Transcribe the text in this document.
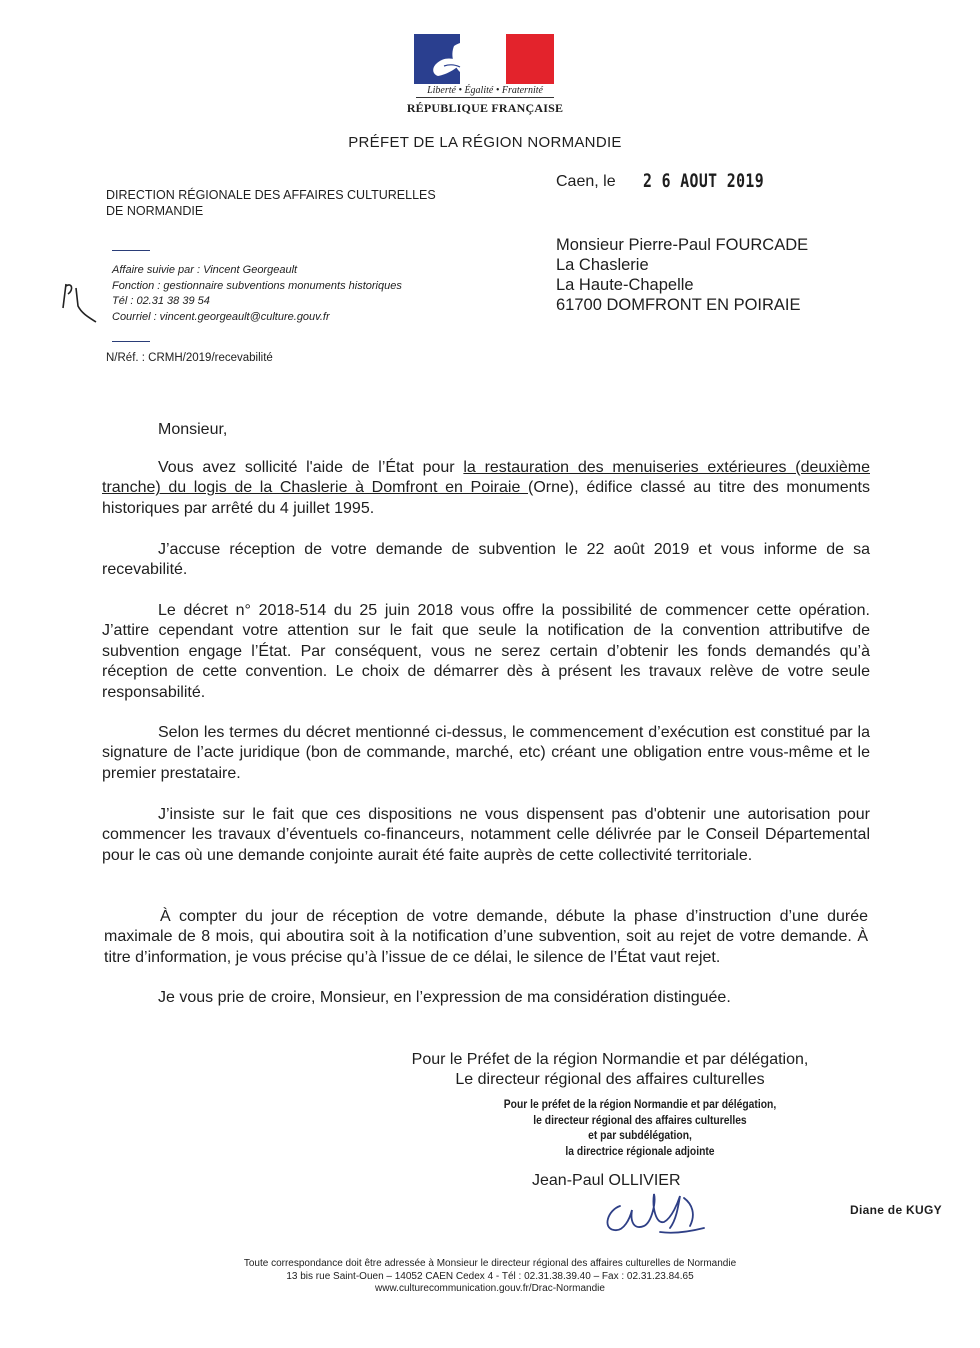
Liberté • Égalité • Fraternité
RÉPUBLIQUE FRANÇAISE
PRÉFET DE LA RÉGION NORMANDIE
DIRECTION RÉGIONALE DES AFFAIRES CULTURELLES
DE NORMANDIE
Affaire suivie par : Vincent Georgeault
Fonction : gestionnaire subventions monuments historiques
Tél : 02.31 38 39 54
Courriel : vincent.georgeault@culture.gouv.fr
N/Réf. : CRMH/2019/recevabilité
Caen, le 2 6 AOUT 2019
Monsieur Pierre-Paul FOURCADE
La Chaslerie
La Haute-Chapelle
61700 DOMFRONT EN POIRAIE
Monsieur,
Vous avez sollicité l'aide de l’État pour la restauration des menuiseries extérieures (deuxième tranche) du logis de la Chaslerie à Domfront en Poiraie (Orne), édifice classé au titre des monuments historiques par arrêté du 4 juillet 1995.
J’accuse réception de votre demande de subvention le 22 août 2019 et vous informe de sa recevabilité.
Le décret n° 2018-514 du 25 juin 2018 vous offre la possibilité de commencer cette opération. J’attire cependant votre attention sur le fait que seule la notification de la convention attributifve de subvention engage l’État. Par conséquent, vous ne serez certain d’obtenir les fonds demandés qu’à réception de cette convention. Le choix de démarrer dès à présent les travaux relève de votre seule responsabilité.
Selon les termes du décret mentionné ci-dessus, le commencement d’exécution est constitué par la signature de l’acte juridique (bon de commande, marché, etc) créant une obligation entre vous-même et le premier prestataire.
J’insiste sur le fait que ces dispositions ne vous dispensent pas d'obtenir une autorisation pour commencer les travaux d’éventuels co-financeurs, notamment celle délivrée par le Conseil Départemental pour le cas où une demande conjointe aurait été faite auprès de cette collectivité territoriale.
À compter du jour de réception de votre demande, débute la phase d’instruction d’une durée maximale de 8 mois, qui aboutira soit à la notification d’une subvention, soit au rejet de votre demande. À titre d’information, je vous précise qu’à l’issue de ce délai, le silence de l’État vaut rejet.
Je vous prie de croire, Monsieur, en l’expression de ma considération distinguée.
Pour le Préfet de la région Normandie et par délégation,
Le directeur régional des affaires culturelles
Pour le préfet de la région Normandie et par délégation,
le directeur régional des affaires culturelles
et par subdélégation,
la directrice régionale adjointe
Jean-Paul OLLIVIER
Diane de KUGY
Toute correspondance doit être adressée à Monsieur le directeur régional des affaires culturelles de Normandie
13 bis rue Saint-Ouen – 14052 CAEN Cedex 4 - Tél : 02.31.38.39.40 – Fax : 02.31.23.84.65
www.culturecommunication.gouv.fr/Drac-Normandie
